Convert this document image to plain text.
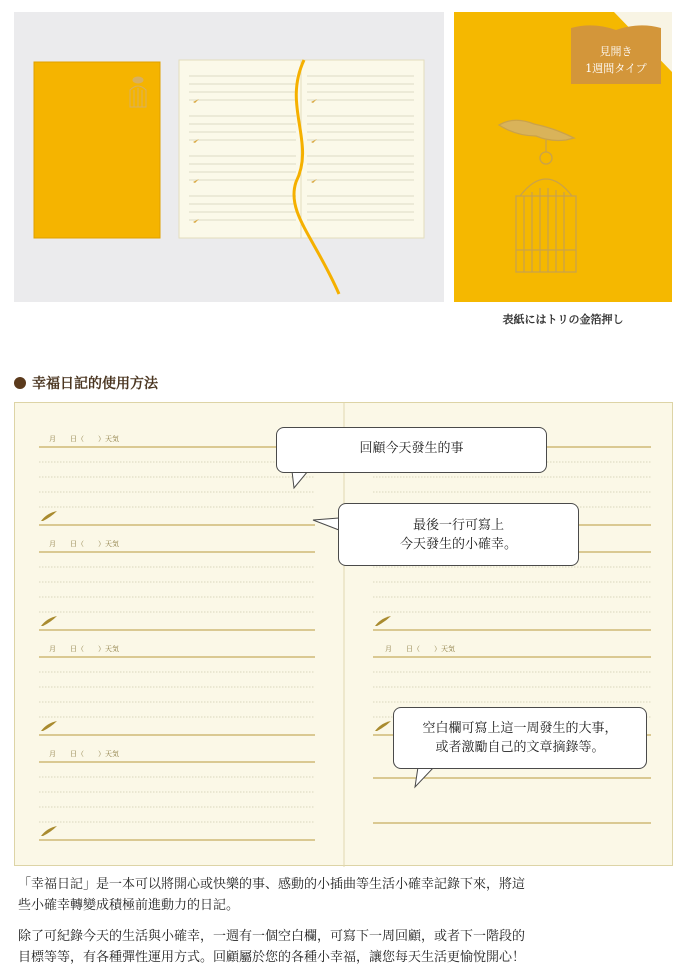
見開き
1週間タイプ
表紙にはトリの金箔押し
幸福日記的使用方法
月　　日（　　）天気
月　　日（　　）天気
月　　日（　　）天気
月　　日（　　）天気
月　　日（　　）天気
回顧今天發生的事
最後一行可寫上
今天發生的小確幸。
空白欄可寫上這一周發生的大事，
或者激勵自己的文章摘錄等。
「幸福日記」是一本可以將開心或快樂的事、感動的小插曲等生活小確幸記錄下來，將這
些小確幸轉變成積極前進動力的日記。
除了可紀錄今天的生活與小確幸，一週有一個空白欄，可寫下一周回顧，或者下一階段的
目標等等，有各種彈性運用方式。回顧屬於您的各種小幸福，讓您每天生活更愉悅開心！
